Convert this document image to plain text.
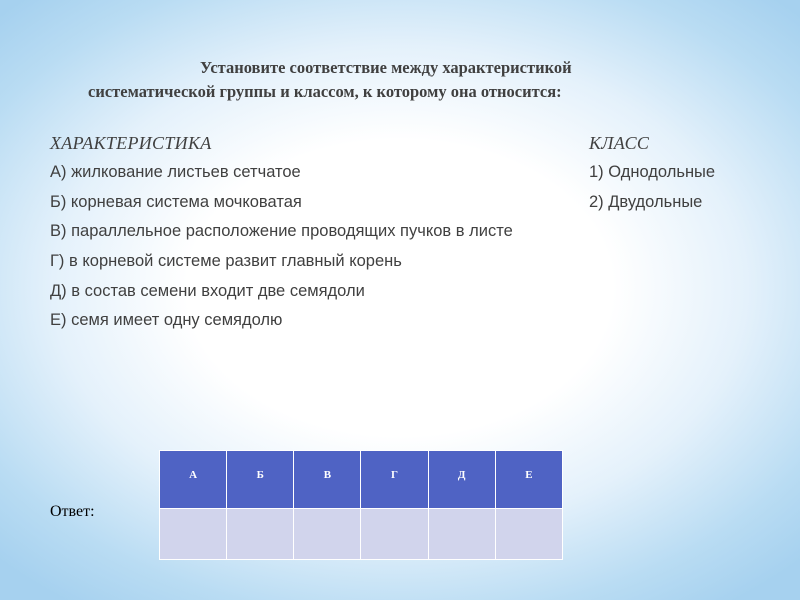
Установите соответствие между характеристикой
систематической группы и классом, к которому она относится:
ХАРАКТЕРИСТИКА	КЛАСС
А) жилкование листьев сетчатое
Б) корневая система мочковатая
В) параллельное расположение проводящих пучков в листе
Г) в корневой системе развит главный корень
Д) в состав семени входит две семядоли
Е) семя имеет одну семядолю
1) Однодольные
2) Двудольные
Ответ:
А	Б	В	Г	Д	Е
